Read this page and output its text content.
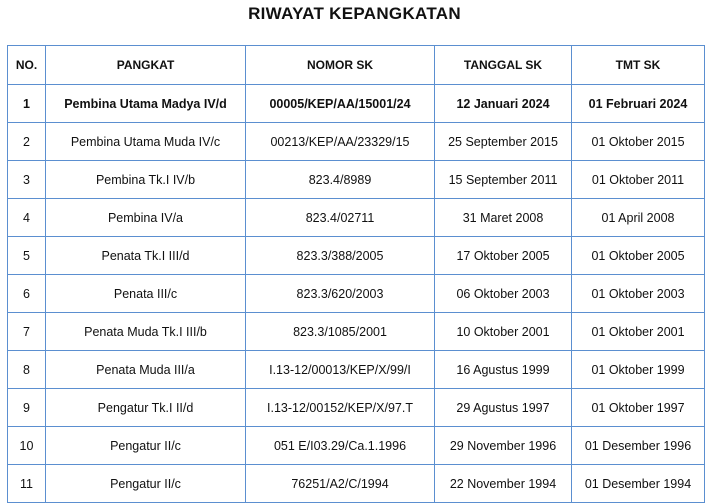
RIWAYAT KEPANGKATAN
NO.	PANGKAT	NOMOR SK	TANGGAL SK	TMT SK
1	Pembina Utama Madya IV/d	00005/KEP/AA/15001/24	12 Januari 2024	01 Februari 2024
2	Pembina Utama Muda IV/c	00213/KEP/AA/23329/15	25 September 2015	01 Oktober 2015
3	Pembina Tk.I IV/b	823.4/8989	15 September 2011	01 Oktober 2011
4	Pembina IV/a	823.4/02711	31 Maret 2008	01 April 2008
5	Penata Tk.I III/d	823.3/388/2005	17 Oktober 2005	01 Oktober 2005
6	Penata III/c	823.3/620/2003	06 Oktober 2003	01 Oktober 2003
7	Penata Muda Tk.I III/b	823.3/1085/2001	10 Oktober 2001	01 Oktober 2001
8	Penata Muda III/a	I.13-12/00013/KEP/X/99/I	16 Agustus 1999	01 Oktober 1999
9	Pengatur Tk.I II/d	I.13-12/00152/KEP/X/97.T	29 Agustus 1997	01 Oktober 1997
10	Pengatur II/c	051 E/I03.29/Ca.1.1996	29 November 1996	01 Desember 1996
11	Pengatur II/c	76251/A2/C/1994	22 November 1994	01 Desember 1994
